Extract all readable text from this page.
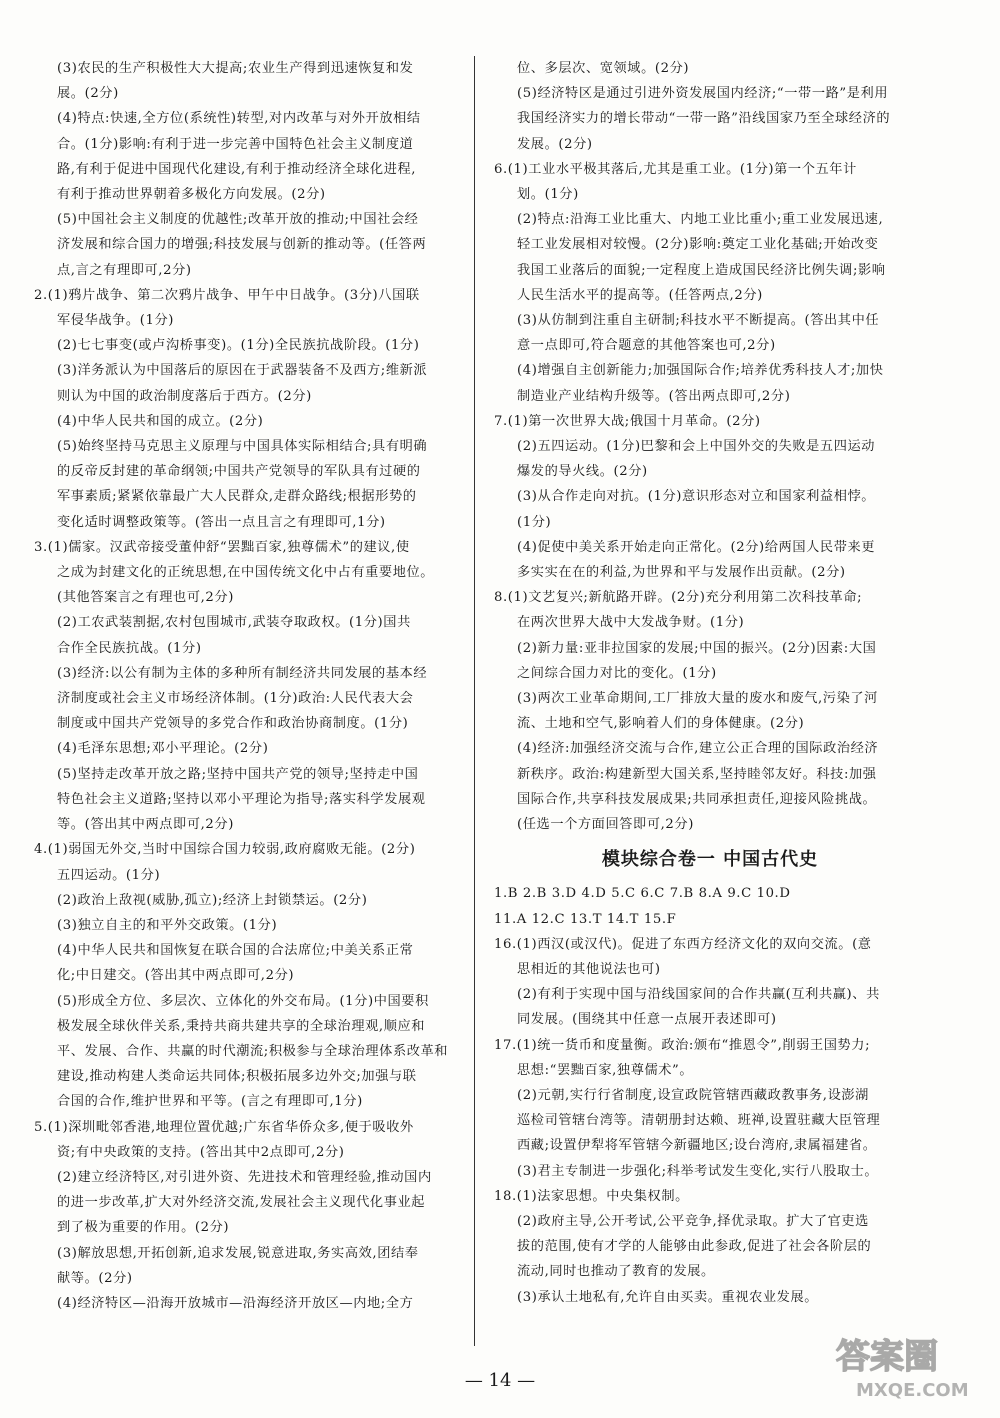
(3)农民的生产积极性大大提高;农业生产得到迅速恢复和发
展。(2分)
(4)特点:快速,全方位(系统性)转型,对内改革与对外开放相结
合。(1分)影响:有利于进一步完善中国特色社会主义制度道
路,有利于促进中国现代化建设,有利于推动经济全球化进程,
有利于推动世界朝着多极化方向发展。(2分)
(5)中国社会主义制度的优越性;改革开放的推动;中国社会经
济发展和综合国力的增强;科技发展与创新的推动等。(任答两
点,言之有理即可,2分)
2.(1)鸦片战争、第二次鸦片战争、甲午中日战争。(3分)八国联
军侵华战争。(1分)
(2)七七事变(或卢沟桥事变)。(1分)全民族抗战阶段。(1分)
(3)洋务派认为中国落后的原因在于武器装备不及西方;维新派
则认为中国的政治制度落后于西方。(2分)
(4)中华人民共和国的成立。(2分)
(5)始终坚持马克思主义原理与中国具体实际相结合;具有明确
的反帝反封建的革命纲领;中国共产党领导的军队具有过硬的
军事素质;紧紧依靠最广大人民群众,走群众路线;根据形势的
变化适时调整政策等。(答出一点且言之有理即可,1分)
3.(1)儒家。汉武帝接受董仲舒“罢黜百家,独尊儒术”的建议,使
之成为封建文化的正统思想,在中国传统文化中占有重要地位。
(其他答案言之有理也可,2分)
(2)工农武装割据,农村包围城市,武装夺取政权。(1分)国共
合作全民族抗战。(1分)
(3)经济:以公有制为主体的多种所有制经济共同发展的基本经
济制度或社会主义市场经济体制。(1分)政治:人民代表大会
制度或中国共产党领导的多党合作和政治协商制度。(1分)
(4)毛泽东思想;邓小平理论。(2分)
(5)坚持走改革开放之路;坚持中国共产党的领导;坚持走中国
特色社会主义道路;坚持以邓小平理论为指导;落实科学发展观
等。(答出其中两点即可,2分)
4.(1)弱国无外交,当时中国综合国力较弱,政府腐败无能。(2分)
五四运动。(1分)
(2)政治上敌视(威胁,孤立);经济上封锁禁运。(2分)
(3)独立自主的和平外交政策。(1分)
(4)中华人民共和国恢复在联合国的合法席位;中美关系正常
化;中日建交。(答出其中两点即可,2分)
(5)形成全方位、多层次、立体化的外交布局。(1分)中国要积
极发展全球伙伴关系,秉持共商共建共享的全球治理观,顺应和
平、发展、合作、共赢的时代潮流;积极参与全球治理体系改革和
建设,推动构建人类命运共同体;积极拓展多边外交;加强与联
合国的合作,维护世界和平等。(言之有理即可,1分)
5.(1)深圳毗邻香港,地理位置优越;广东省华侨众多,便于吸收外
资;有中央政策的支持。(答出其中2点即可,2分)
(2)建立经济特区,对引进外资、先进技术和管理经验,推动国内
的进一步改革,扩大对外经济交流,发展社会主义现代化事业起
到了极为重要的作用。(2分)
(3)解放思想,开拓创新,追求发展,锐意进取,务实高效,团结奉
献等。(2分)
(4)经济特区—沿海开放城市—沿海经济开放区—内地;全方
位、多层次、宽领域。(2分)
(5)经济特区是通过引进外资发展国内经济;“一带一路”是利用
我国经济实力的增长带动“一带一路”沿线国家乃至全球经济的
发展。(2分)
6.(1)工业水平极其落后,尤其是重工业。(1分)第一个五年计
划。(1分)
(2)特点:沿海工业比重大、内地工业比重小;重工业发展迅速,
轻工业发展相对较慢。(2分)影响:奠定工业化基础;开始改变
我国工业落后的面貌;一定程度上造成国民经济比例失调;影响
人民生活水平的提高等。(任答两点,2分)
(3)从仿制到注重自主研制;科技水平不断提高。(答出其中任
意一点即可,符合题意的其他答案也可,2分)
(4)增强自主创新能力;加强国际合作;培养优秀科技人才;加快
制造业产业结构升级等。(答出两点即可,2分)
7.(1)第一次世界大战;俄国十月革命。(2分)
(2)五四运动。(1分)巴黎和会上中国外交的失败是五四运动
爆发的导火线。(2分)
(3)从合作走向对抗。(1分)意识形态对立和国家利益相悖。
(1分)
(4)促使中美关系开始走向正常化。(2分)给两国人民带来更
多实实在在的利益,为世界和平与发展作出贡献。(2分)
8.(1)文艺复兴;新航路开辟。(2分)充分利用第二次科技革命;
在两次世界大战中大发战争财。(1分)
(2)新力量:亚非拉国家的发展;中国的振兴。(2分)因素:大国
之间综合国力对比的变化。(1分)
(3)两次工业革命期间,工厂排放大量的废水和废气,污染了河
流、土地和空气,影响着人们的身体健康。(2分)
(4)经济:加强经济交流与合作,建立公正合理的国际政治经济
新秩序。政治:构建新型大国关系,坚持睦邻友好。科技:加强
国际合作,共享科技发展成果;共同承担责任,迎接风险挑战。
(任选一个方面回答即可,2分)
模块综合卷一 中国古代史
1.B 2.B 3.D 4.D 5.C 6.C 7.B 8.A 9.C 10.D
11.A 12.C 13.T 14.T 15.F
16.(1)西汉(或汉代)。促进了东西方经济文化的双向交流。(意
思相近的其他说法也可)
(2)有利于实现中国与沿线国家间的合作共赢(互利共赢)、共
同发展。(围绕其中任意一点展开表述即可)
17.(1)统一货币和度量衡。政治:颁布“推恩令”,削弱王国势力;
思想:“罢黜百家,独尊儒术”。
(2)元朝,实行行省制度,设宣政院管辖西藏政教事务,设澎湖
巡检司管辖台湾等。清朝册封达赖、班禅,设置驻藏大臣管理
西藏;设置伊犁将军管辖今新疆地区;设台湾府,隶属福建省。
(3)君主专制进一步强化;科举考试发生变化,实行八股取士。
18.(1)法家思想。中央集权制。
(2)政府主导,公开考试,公平竞争,择优录取。扩大了官吏选
拔的范围,使有才学的人能够由此参政,促进了社会各阶层的
流动,同时也推动了教育的发展。
(3)承认土地私有,允许自由买卖。重视农业发展。
— 14 —
答案圈
MXQE.COM
